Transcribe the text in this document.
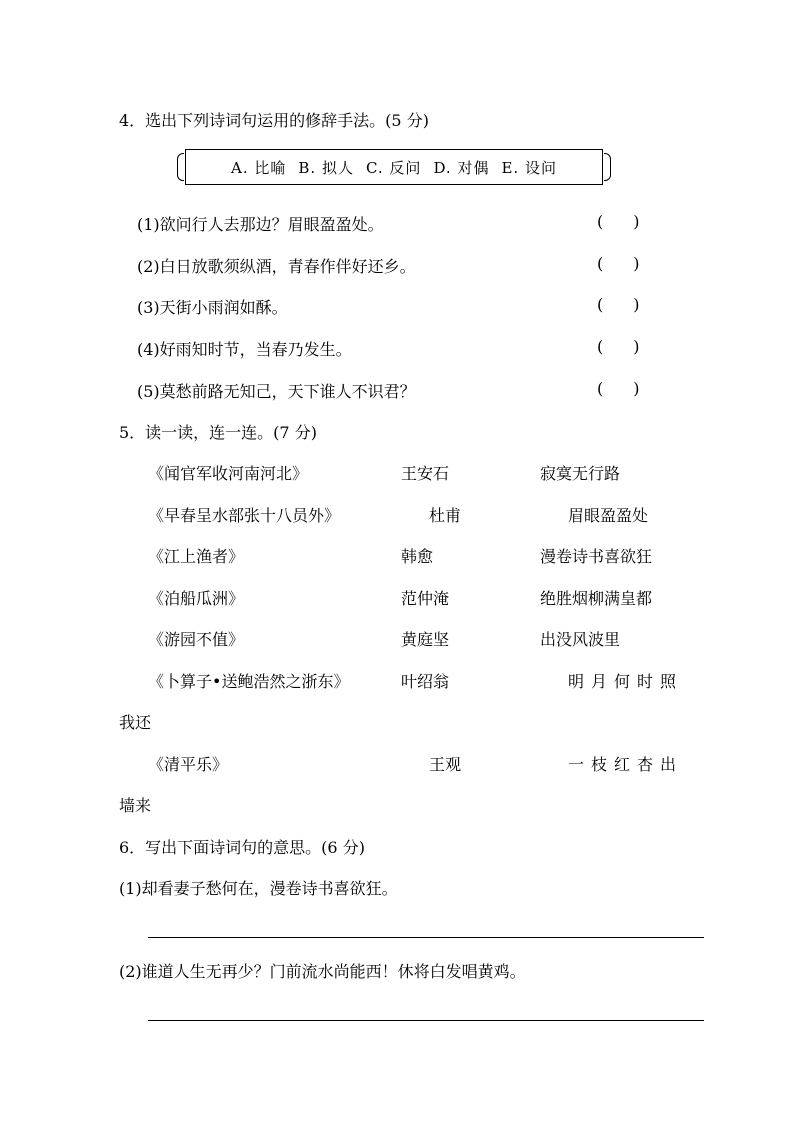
4．选出下列诗词句运用的修辞手法。(5 分)
A. 比喻 B. 拟人 C. 反问 D. 对偶 E. 设问
(1)欲问行人去那边？眉眼盈盈处。	( )
(2)白日放歌须纵酒，青春作伴好还乡。	( )
(3)天街小雨润如酥。	( )
(4)好雨知时节，当春乃发生。	( )
(5)莫愁前路无知己，天下谁人不识君？	( )
5．读一读，连一连。(7 分)
《闻官军收河南河北》	王安石	寂寞无行路
《早春呈水部张十八员外》	杜甫	眉眼盈盈处
《江上渔者》	韩愈	漫卷诗书喜欲狂
《泊船瓜洲》	范仲淹	绝胜烟柳满皇都
《游园不值》	黄庭坚	出没风波里
《卜算子•送鲍浩然之浙东》	叶绍翁	明月何时照
我还
《清平乐》	王观	一枝红杏出
墙来
6．写出下面诗词句的意思。(6 分)
(1)却看妻子愁何在，漫卷诗书喜欲狂。
(2)谁道人生无再少？门前流水尚能西！休将白发唱黄鸡。
